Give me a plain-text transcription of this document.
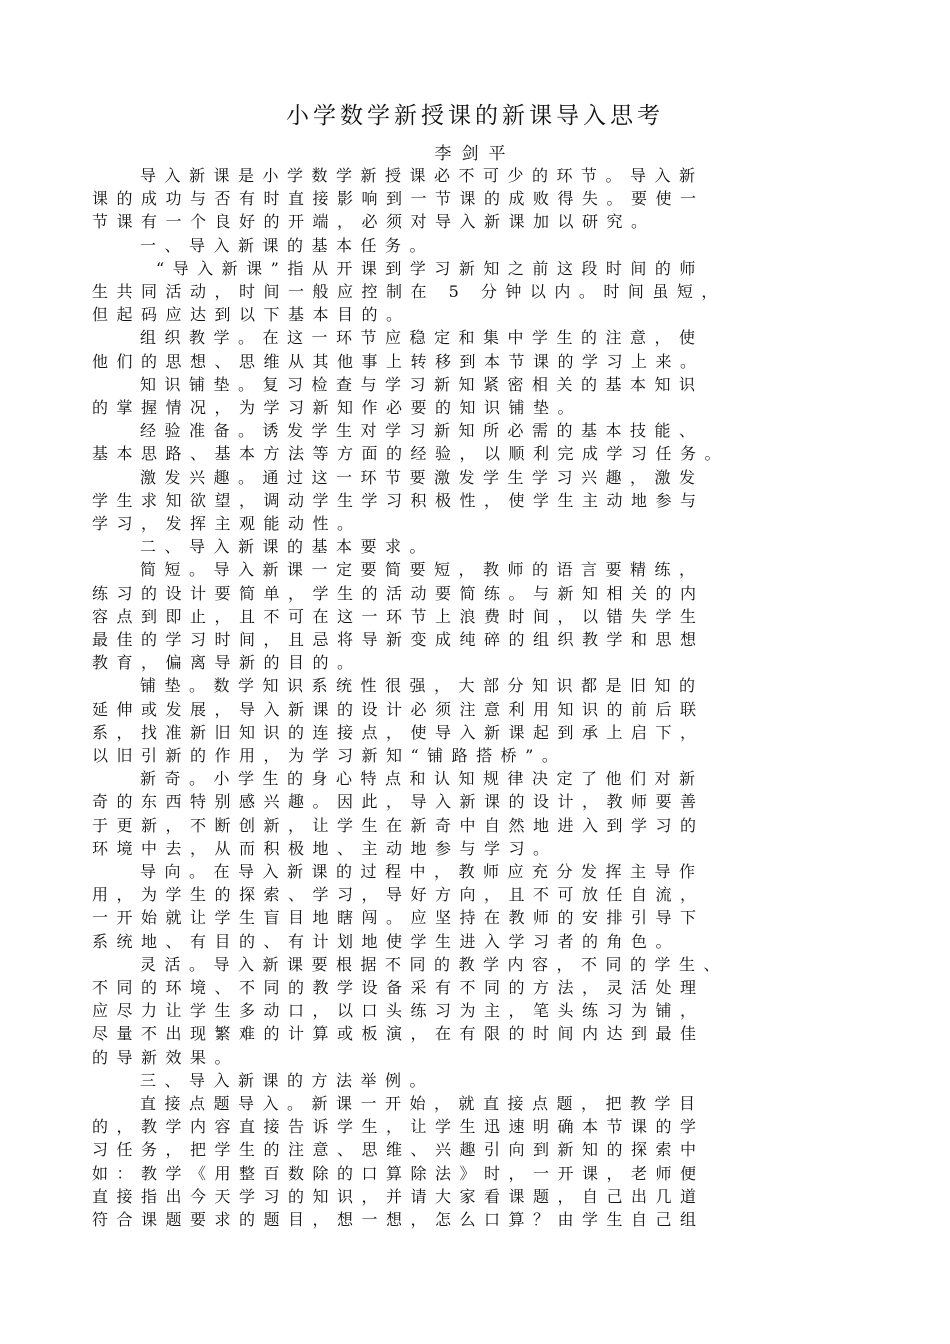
小学数学新授课的新课导入思考
李剑平
导入新课是小学数学新授课必不可少的环节。导入新
课的成功与否有时直接影响到一节课的成败得失。要使一
节课有一个良好的开端，必须对导入新课加以研究。
一、导入新课的基本任务。
“导入新课”指从开课到学习新知之前这段时间的师
生共同活动，时间一般应控制在 5 分钟以内。时间虽短，
但起码应达到以下基本目的。
组织教学。在这一环节应稳定和集中学生的注意，使
他们的思想、思维从其他事上转移到本节课的学习上来。
知识铺垫。复习检查与学习新知紧密相关的基本知识
的掌握情况，为学习新知作必要的知识铺垫。
经验准备。诱发学生对学习新知所必需的基本技能、
基本思路、基本方法等方面的经验，以顺利完成学习任务。
激发兴趣。通过这一环节要激发学生学习兴趣，激发
学生求知欲望，调动学生学习积极性，使学生主动地参与
学习，发挥主观能动性。
二、导入新课的基本要求。
简短。导入新课一定要简要短，教师的语言要精练，
练习的设计要简单，学生的活动要简练。与新知相关的内
容点到即止，且不可在这一环节上浪费时间，以错失学生
最佳的学习时间，且忌将导新变成纯碎的组织教学和思想
教育，偏离导新的目的。
铺垫。数学知识系统性很强，大部分知识都是旧知的
延伸或发展，导入新课的设计必须注意利用知识的前后联
系，找准新旧知识的连接点，使导入新课起到承上启下，
以旧引新的作用，为学习新知“铺路搭桥”。
新奇。小学生的身心特点和认知规律决定了他们对新
奇的东西特别感兴趣。因此，导入新课的设计，教师要善
于更新，不断创新，让学生在新奇中自然地进入到学习的
环境中去，从而积极地、主动地参与学习。
导向。在导入新课的过程中，教师应充分发挥主导作
用，为学生的探索、学习，导好方向，且不可放任自流，
一开始就让学生盲目地瞎闯。应坚持在教师的安排引导下
系统地、有目的、有计划地使学生进入学习者的角色。
灵活。导入新课要根据不同的教学内容，不同的学生、
不同的环境、不同的教学设备采有不同的方法，灵活处理
应尽力让学生多动口，以口头练习为主，笔头练习为铺，
尽量不出现繁难的计算或板演，在有限的时间内达到最佳
的导新效果。
三、导入新课的方法举例。
直接点题导入。新课一开始，就直接点题，把教学目
的，教学内容直接告诉学生，让学生迅速明确本节课的学
习任务，把学生的注意、思维、兴趣引向到新知的探索中
如：教学《用整百数除的口算除法》时，一开课，老师便
直接指出今天学习的知识，并请大家看课题，自己出几道
符合课题要求的题目，想一想，怎么口算？由学生自己组
